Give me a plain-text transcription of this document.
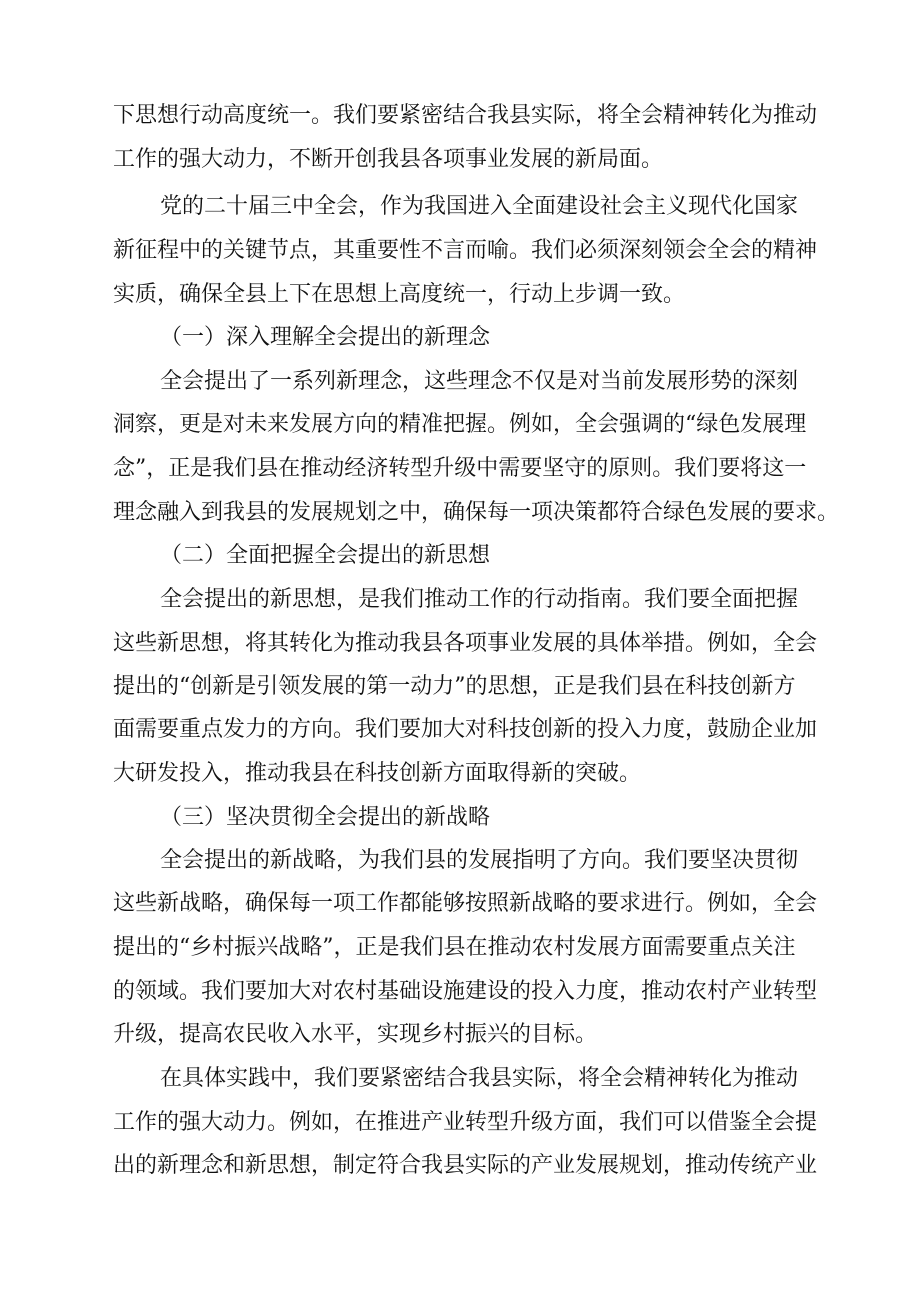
下思想行动高度统一。我们要紧密结合我县实际，将全会精神转化为推动
工作的强大动力，不断开创我县各项事业发展的新局面。
党的二十届三中全会，作为我国进入全面建设社会主义现代化国家
新征程中的关键节点，其重要性不言而喻。我们必须深刻领会全会的精神
实质，确保全县上下在思想上高度统一，行动上步调一致。
（一）深入理解全会提出的新理念
全会提出了一系列新理念，这些理念不仅是对当前发展形势的深刻
洞察，更是对未来发展方向的精准把握。例如，全会强调的“绿色发展理
念”，正是我们县在推动经济转型升级中需要坚守的原则。我们要将这一
理念融入到我县的发展规划之中，确保每一项决策都符合绿色发展的要求。
（二）全面把握全会提出的新思想
全会提出的新思想，是我们推动工作的行动指南。我们要全面把握
这些新思想，将其转化为推动我县各项事业发展的具体举措。例如，全会
提出的“创新是引领发展的第一动力”的思想，正是我们县在科技创新方
面需要重点发力的方向。我们要加大对科技创新的投入力度，鼓励企业加
大研发投入，推动我县在科技创新方面取得新的突破。
（三）坚决贯彻全会提出的新战略
全会提出的新战略，为我们县的发展指明了方向。我们要坚决贯彻
这些新战略，确保每一项工作都能够按照新战略的要求进行。例如，全会
提出的“乡村振兴战略”，正是我们县在推动农村发展方面需要重点关注
的领域。我们要加大对农村基础设施建设的投入力度，推动农村产业转型
升级，提高农民收入水平，实现乡村振兴的目标。
在具体实践中，我们要紧密结合我县实际，将全会精神转化为推动
工作的强大动力。例如，在推进产业转型升级方面，我们可以借鉴全会提
出的新理念和新思想，制定符合我县实际的产业发展规划，推动传统产业
